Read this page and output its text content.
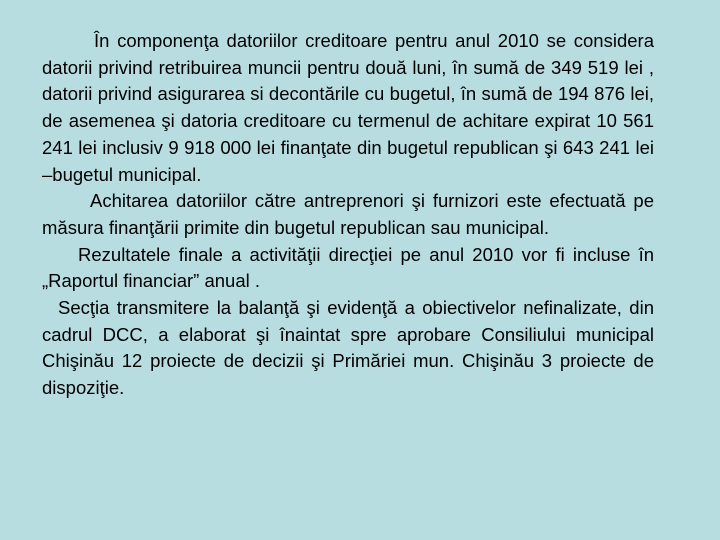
În componenţa datoriilor creditoare pentru anul 2010 se considera datorii privind retribuirea muncii pentru două luni, în sumă de 349 519 lei , datorii privind asigurarea si decontările cu bugetul, în sumă de 194 876 lei, de asemenea şi datoria creditoare cu termenul de achitare expirat 10 561 241 lei inclusiv 9 918 000 lei finanţate din bugetul republican şi 643 241 lei –bugetul municipal.

Achitarea datoriilor către antreprenori şi furnizori este efectuată pe măsura finanţării primite din bugetul republican sau municipal.

Rezultatele finale a activităţii direcţiei pe anul 2010 vor fi incluse în „Raportul financiar” anual .

Secţia transmitere la balanţă şi evidenţă a obiectivelor nefinalizate, din cadrul DCC, a elaborat şi înaintat spre aprobare Consiliului municipal Chişinău 12 proiecte de decizii şi Primăriei mun. Chişinău 3 proiecte de dispoziţie.
